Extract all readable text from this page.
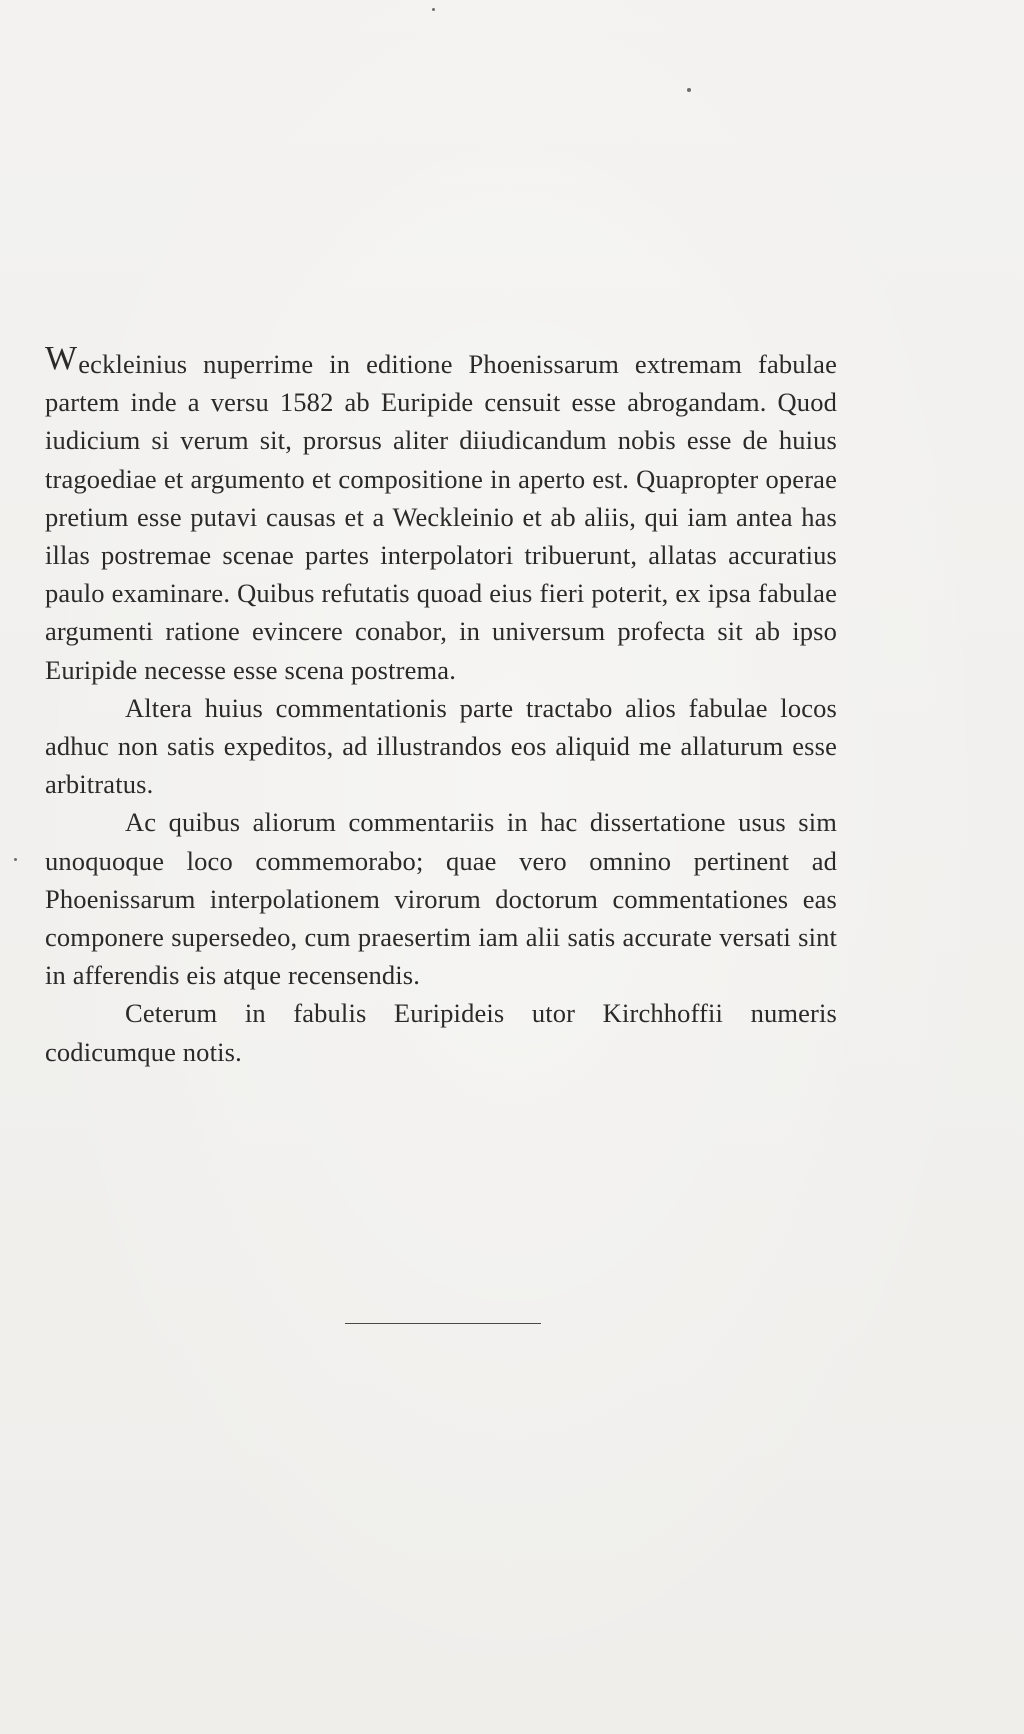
Weckleinius nuperrime in editione Phoenissarum extremam fabulae partem inde a versu 1582 ab Euripide censuit esse abrogandam. Quod iudicium si verum sit, prorsus aliter diiudicandum nobis esse de huius tragoediae et argumento et compositione in aperto est. Quapropter operae pretium esse putavi causas et a Weckleinio et ab aliis, qui iam antea has illas postremae scenae partes interpolatori tribuerunt, allatas accuratius paulo examinare. Quibus refutatis quoad eius fieri poterit, ex ipsa fabulae argumenti ratione evincere conabor, in universum profecta sit ab ipso Euripide necesse esse scena postrema.

Altera huius commentationis parte tractabo alios fabulae locos adhuc non satis expeditos, ad illustrandos eos aliquid me allaturum esse arbitratus.

Ac quibus aliorum commentariis in hac dissertatione usus sim unoquoque loco commemorabo; quae vero omnino pertinent ad Phoenissarum interpolationem virorum doctorum commentationes eas componere supersedeo, cum praesertim iam alii satis accurate versati sint in afferendis eis atque recensendis.

Ceterum in fabulis Euripideis utor Kirchhoffii numeris codicumque notis.
